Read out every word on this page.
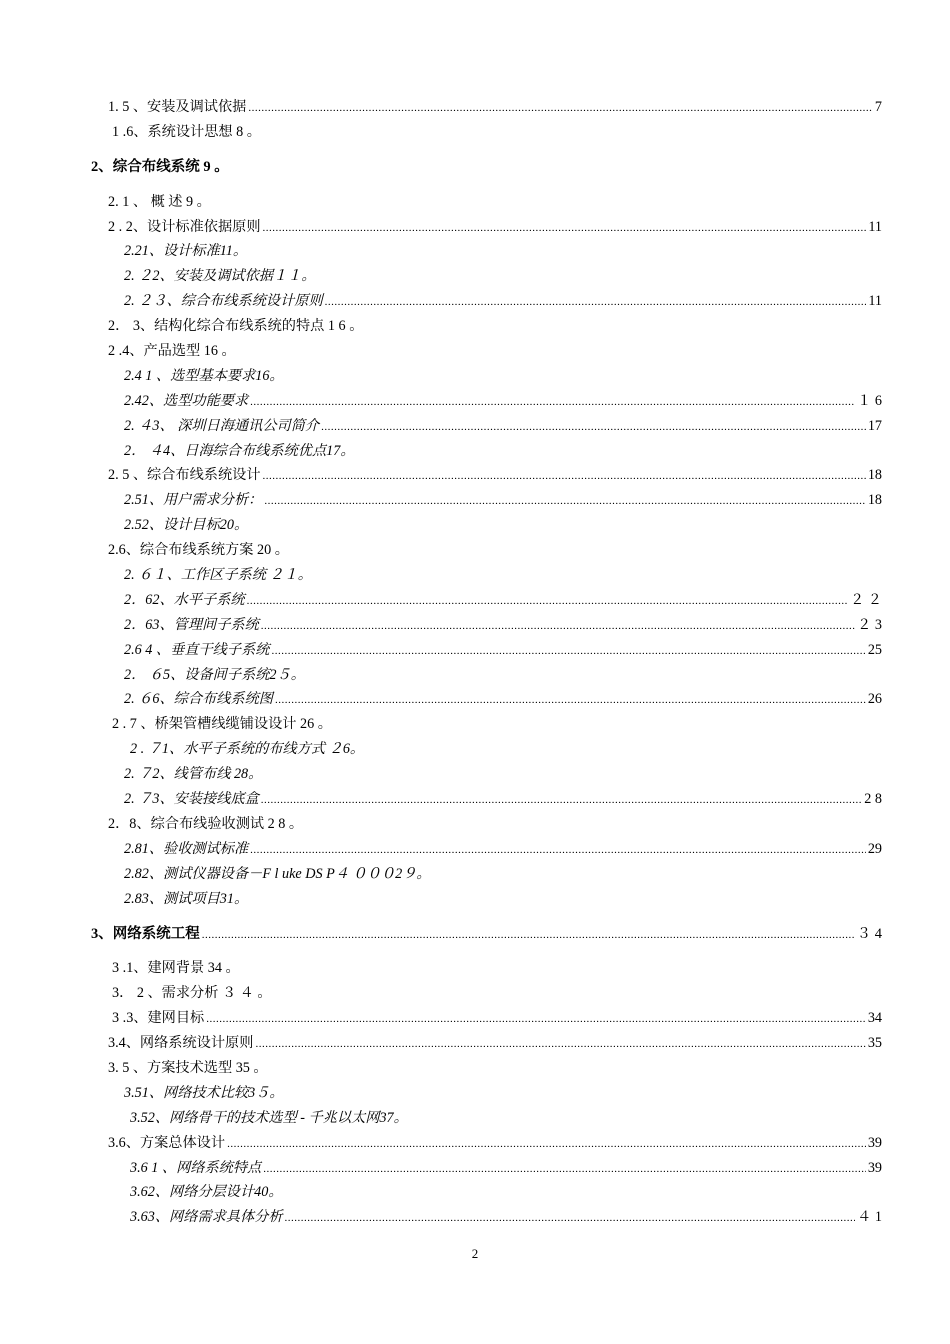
1. 5 、安装及调试依据 .....	7
1 .6、系统设计思想 8 ｡
2、综合布线系统 9 ｡
2. 1 、 概 述 9 ｡
2 . 2、设计标准依据原则 .....	11
2.21、设计标准11｡
2. ２2、安装及调试依据１１｡
2. ２３、综合布线系统设计原则 .....	11
2． 3、结构化综合布线系统的特点 1 6 ｡
2 .4、产品选型 16 ｡
2.4 1 、选型基本要求16｡
2.42、选型功能要求 .....	１ 6
2. ４3、 深圳日海通讯公司简介 .....	17
2． ４4、日海综合布线系统优点17｡
2. 5 、综合布线系统设计 .....	18
2.51、用户需求分析： .....	18
2.52、设计目标20｡
2.6、综合布线系统方案 20 ｡
2. ６１、工作区子系统 ２１｡
2．62、水平子系统 .....	２ ２
2．63、管理间子系统 .....	２ 3
2.6 4 、垂直干线子系统 .....	25
2． ６5、设备间子系统2５｡
2. ６6、综合布线系统图 .....	26
2 . 7 、桥架管槽线缆铺设设计 26 ｡
2 . ７1、水平子系统的布线方式 ２6｡
2. ７2、线管布线 28｡
2. ７3、安装接线底盒 .....	2 8
2．8、综合布线验收测试 2 8 ｡
2.81、验收测试标准 .....	29
2.82、测试仪器设备－F l uke DS P４ ０００2９｡
2.83、测试项目31｡
3、网络系统工程 .....	３ 4
3 .1、建网背景 34 ｡
3． 2 、需求分析 ３ ４ ｡
3 .3、建网目标 .....	34
3.4、网络系统设计原则 .....	35
3. 5 、方案技术选型 35 ｡
3.51、网络技术比较3５｡
3.52、网络骨干的技术选型 - 千兆以太网37｡
3.6、方案总体设计 .....	39
3.6 1 、网络系统特点 .....	39
3.62、网络分层设计40｡
3.63、网络需求具体分析 .....	４ 1
2
